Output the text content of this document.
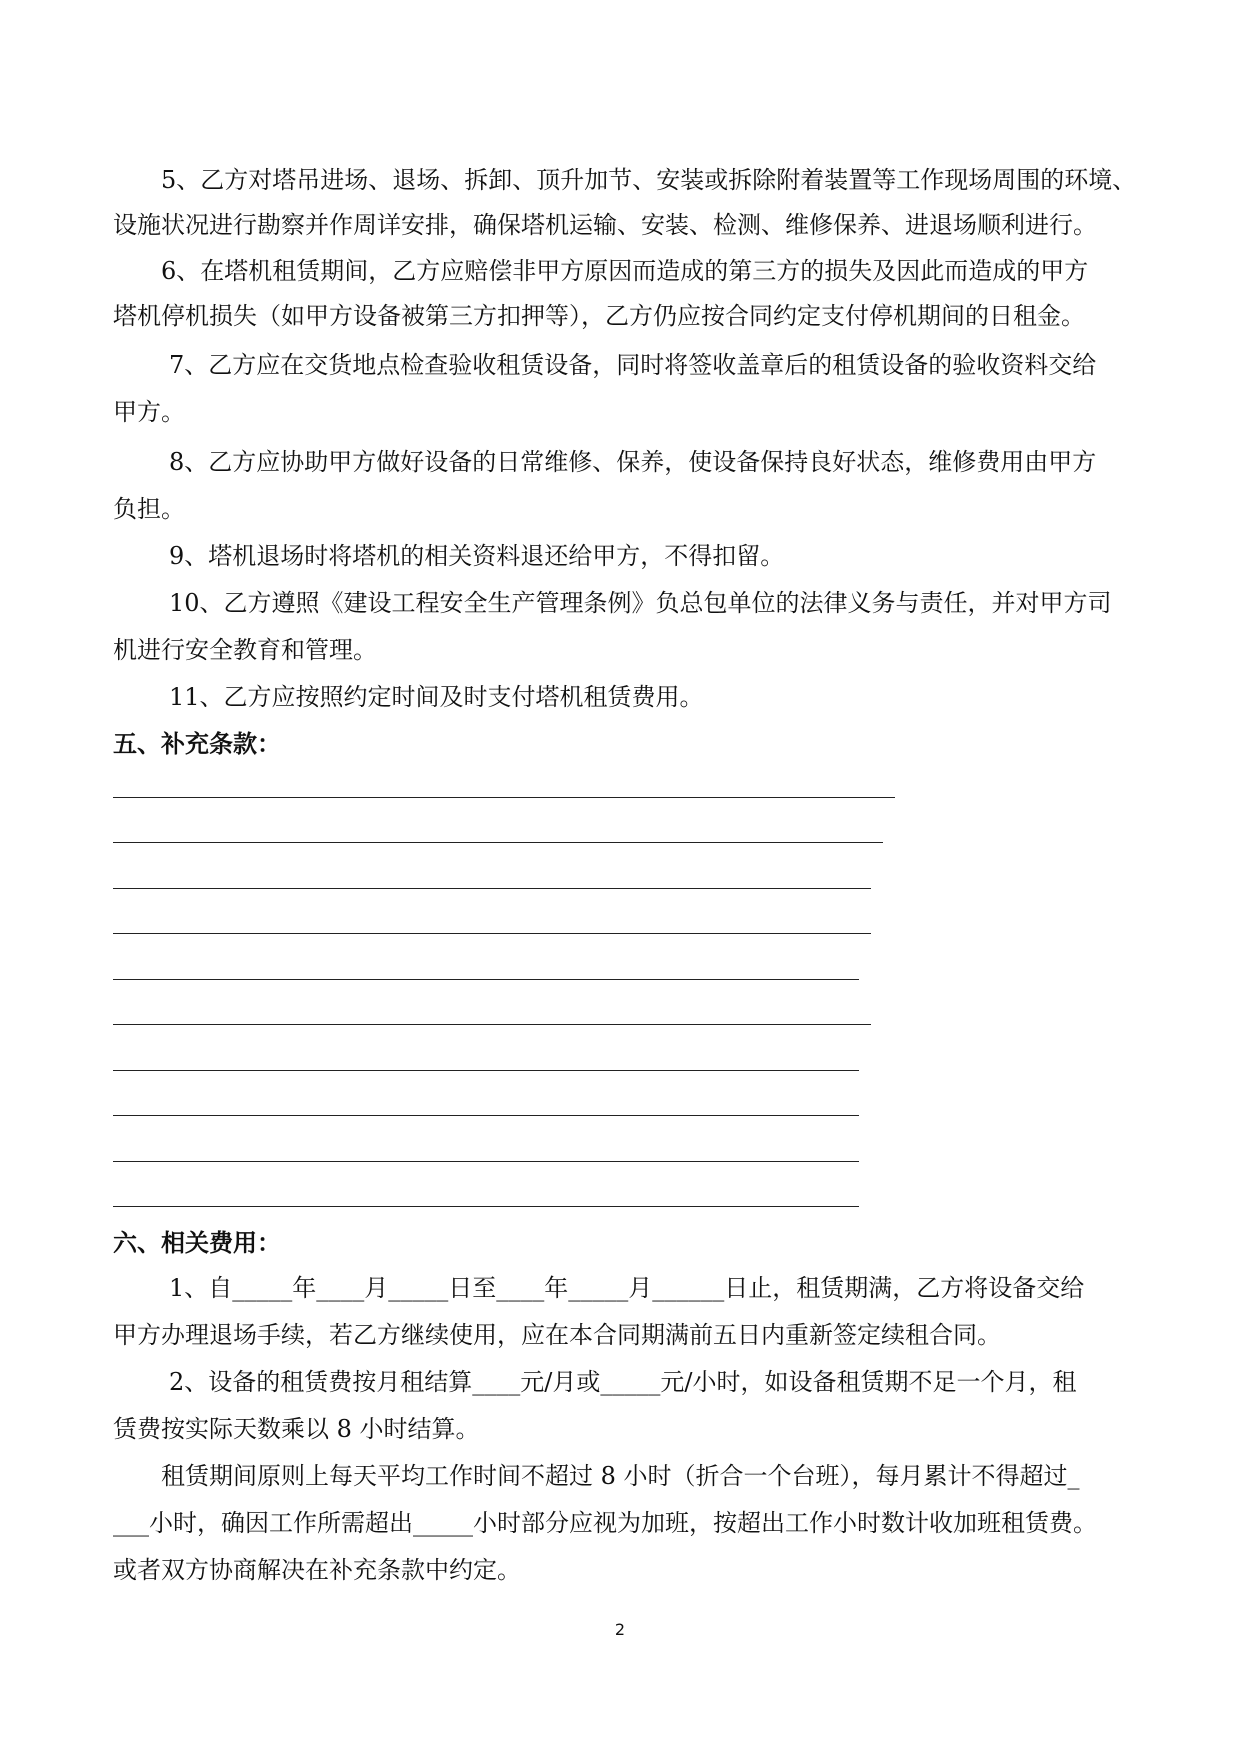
5、乙方对塔吊进场、退场、拆卸、顶升加节、安装或拆除附着装置等工作现场周围的环境、
设施状况进行勘察并作周详安排，确保塔机运输、安装、检测、维修保养、进退场顺利进行。
6、在塔机租赁期间，乙方应赔偿非甲方原因而造成的第三方的损失及因此而造成的甲方
塔机停机损失（如甲方设备被第三方扣押等），乙方仍应按合同约定支付停机期间的日租金。
7、乙方应在交货地点检查验收租赁设备，同时将签收盖章后的租赁设备的验收资料交给
甲方。
8、乙方应协助甲方做好设备的日常维修、保养，使设备保持良好状态，维修费用由甲方
负担。
9、塔机退场时将塔机的相关资料退还给甲方，不得扣留。
10、乙方遵照《建设工程安全生产管理条例》负总包单位的法律义务与责任，并对甲方司
机进行安全教育和管理。
11、乙方应按照约定时间及时支付塔机租赁费用。
五、补充条款：
六、相关费用：
1、自_____年____月_____日至____年_____月______日止，租赁期满，乙方将设备交给
甲方办理退场手续，若乙方继续使用，应在本合同期满前五日内重新签定续租合同。
2、设备的租赁费按月租结算____元/月或_____元/小时，如设备租赁期不足一个月，租
赁费按实际天数乘以 8 小时结算。
租赁期间原则上每天平均工作时间不超过 8 小时（折合一个台班），每月累计不得超过_
___小时，确因工作所需超出_____小时部分应视为加班，按超出工作小时数计收加班租赁费。
或者双方协商解决在补充条款中约定。
2
